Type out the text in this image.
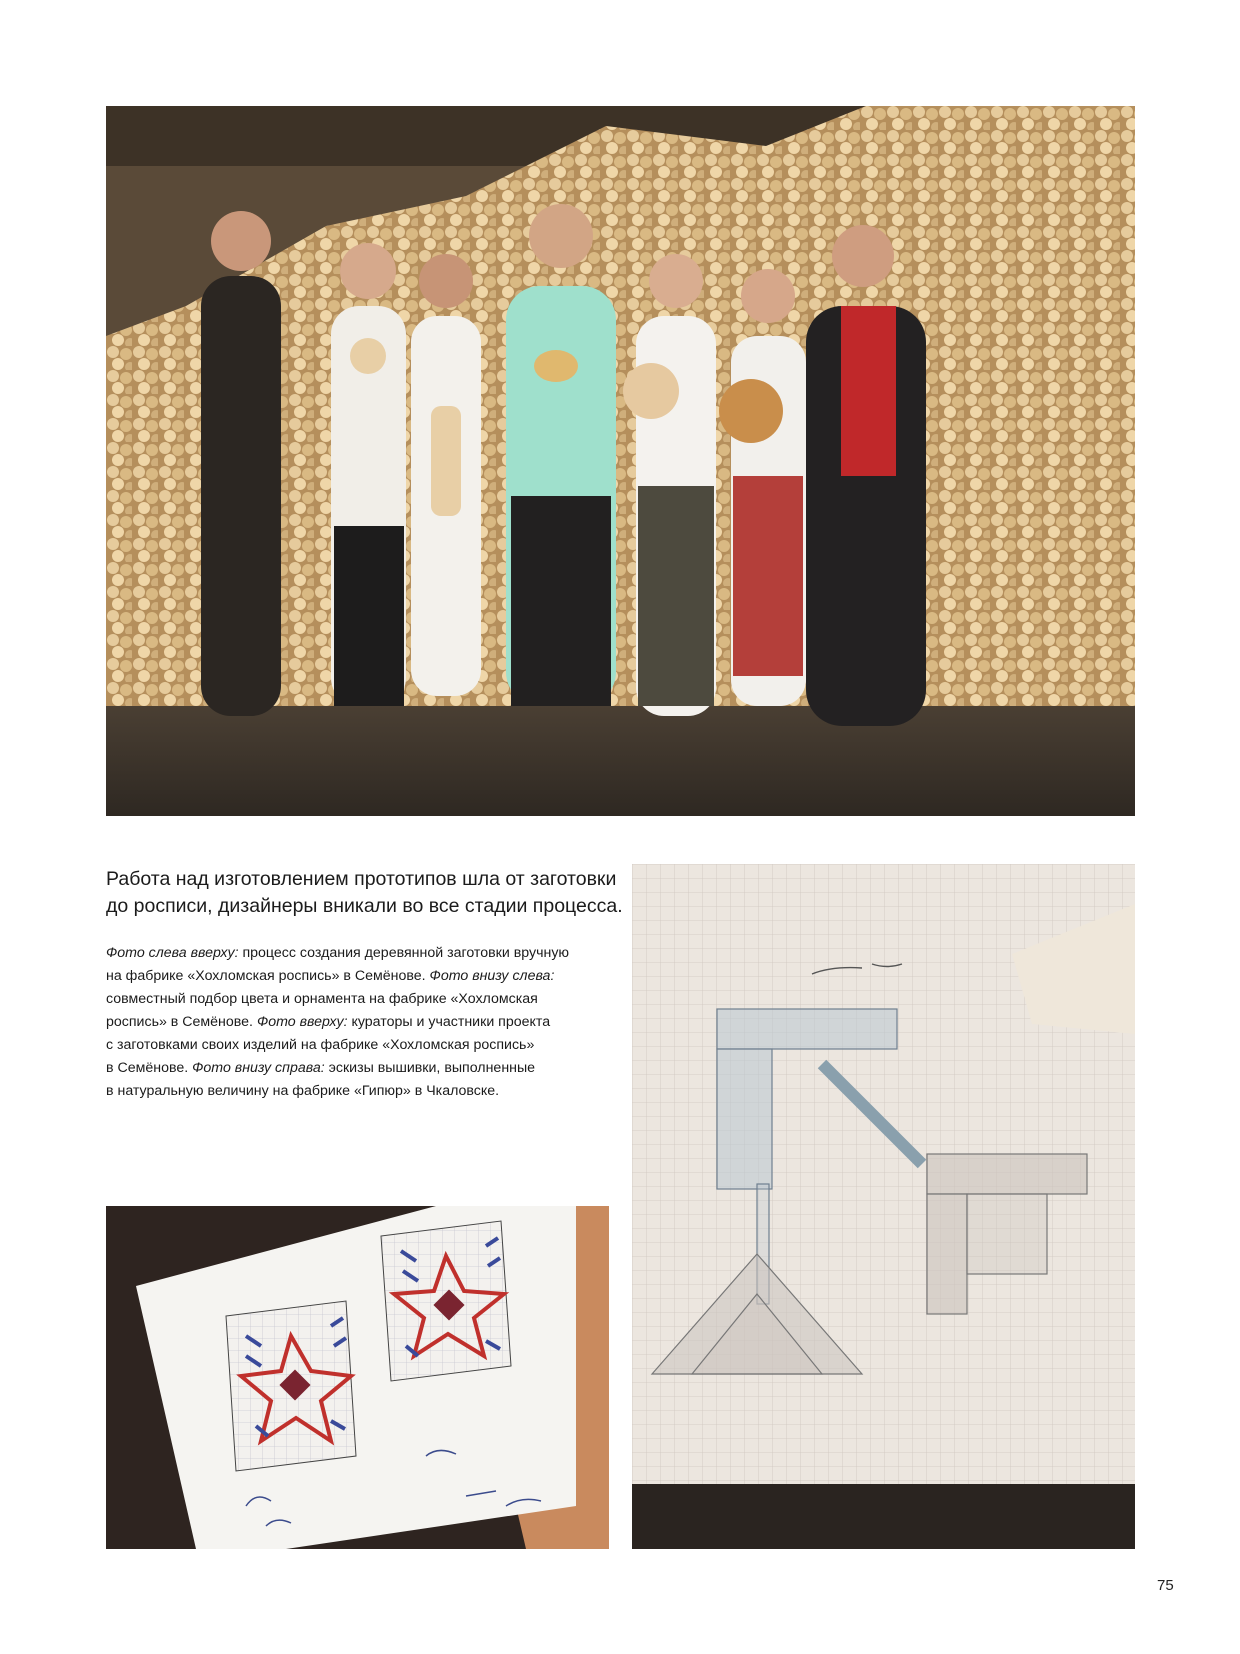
Работа над изготовлением прототипов шла от заготовки
до росписи, дизайнеры вникали во все стадии процесса.
Фото слева вверху: процесс создания деревянной заготовки вручную
на фабрике «Хохломская роспись» в Семёнове. Фото внизу слева:
совместный подбор цвета и орнамента на фабрике «Хохломская
роспись» в Семёнове. Фото вверху: кураторы и участники проекта
с заготовками своих изделий на фабрике «Хохломская роспись»
в Семёнове. Фото внизу справа: эскизы вышивки, выполненные
в натуральную величину на фабрике «Гипюр» в Чкаловске.
75
